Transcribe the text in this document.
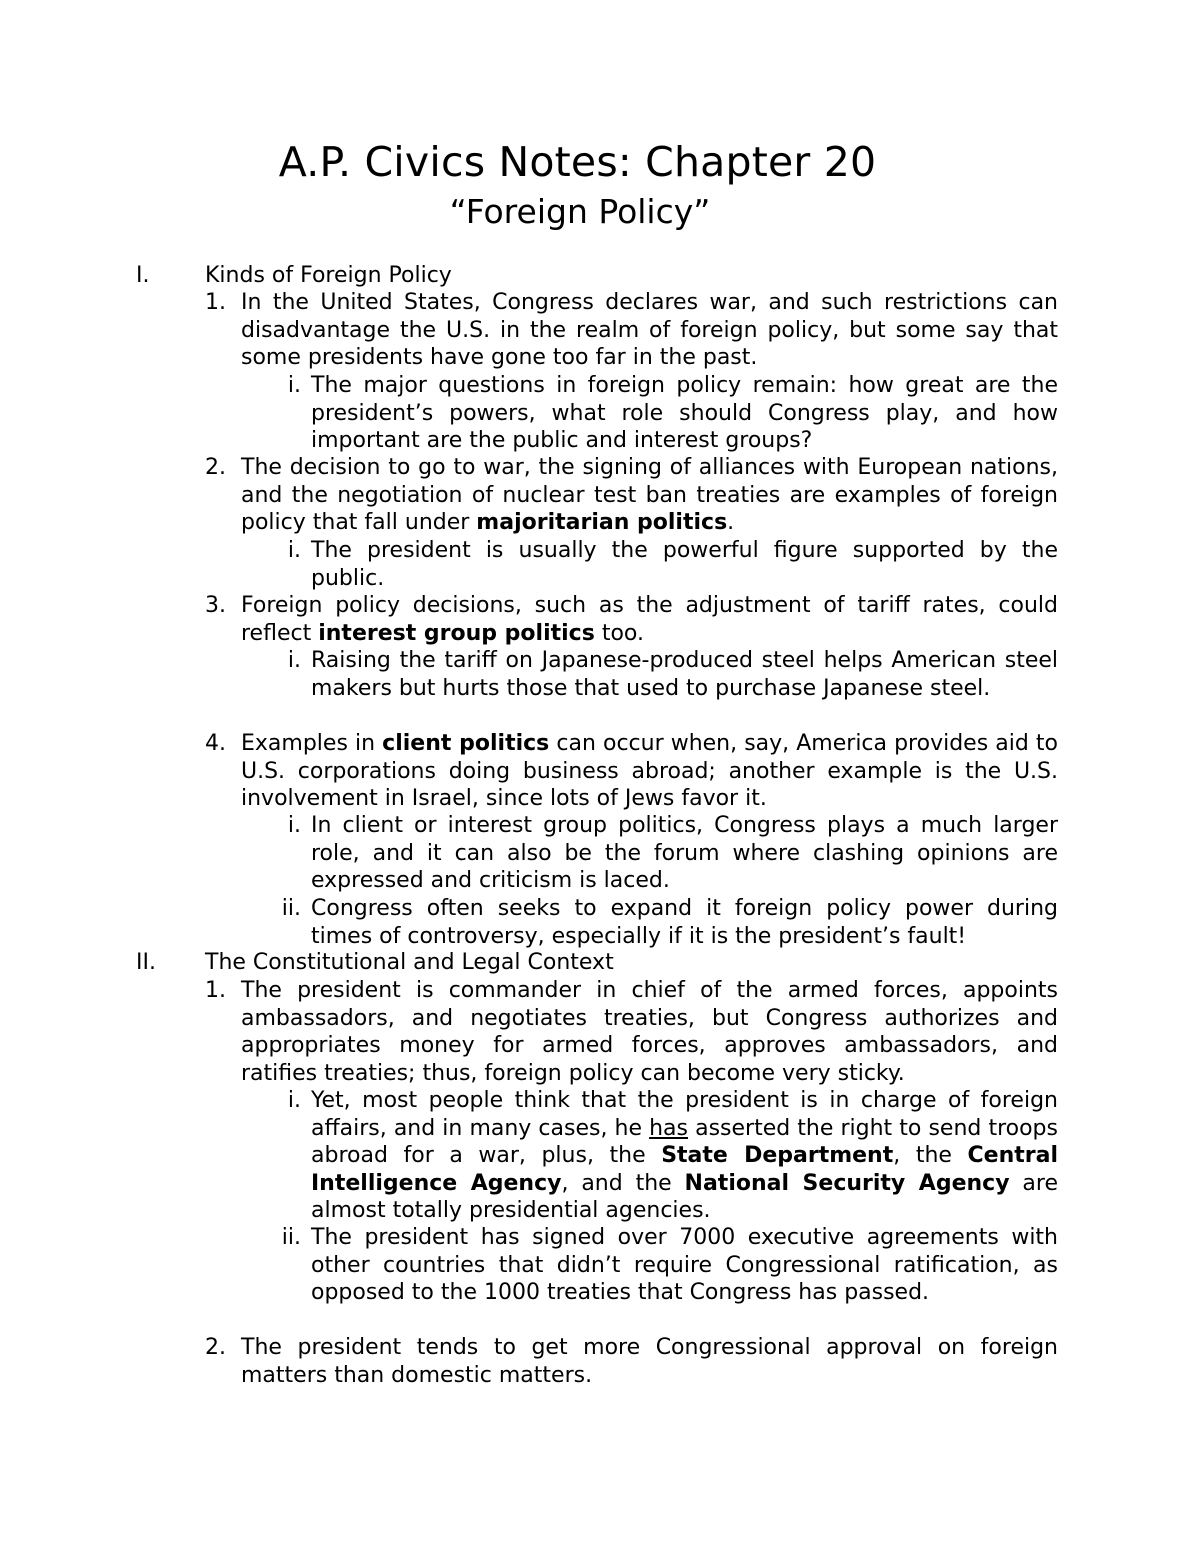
A.P. Civics Notes: Chapter 20
“Foreign Policy”
I.	Kinds of Foreign Policy
1. In the United States, Congress declares war, and such restrictions can disadvantage the U.S. in the realm of foreign policy, but some say that some presidents have gone too far in the past.
i. The major questions in foreign policy remain: how great are the president’s powers, what role should Congress play, and how important are the public and interest groups?
2. The decision to go to war, the signing of alliances with European nations, and the negotiation of nuclear test ban treaties are examples of foreign policy that fall under majoritarian politics.
i. The president is usually the powerful figure supported by the public.
3. Foreign policy decisions, such as the adjustment of tariff rates, could reflect interest group politics too.
i. Raising the tariff on Japanese-produced steel helps American steel makers but hurts those that used to purchase Japanese steel.
4. Examples in client politics can occur when, say, America provides aid to U.S. corporations doing business abroad; another example is the U.S. involvement in Israel, since lots of Jews favor it.
i. In client or interest group politics, Congress plays a much larger role, and it can also be the forum where clashing opinions are expressed and criticism is laced.
ii. Congress often seeks to expand it foreign policy power during times of controversy, especially if it is the president’s fault!
II. The Constitutional and Legal Context
1. The president is commander in chief of the armed forces, appoints ambassadors, and negotiates treaties, but Congress authorizes and appropriates money for armed forces, approves ambassadors, and ratifies treaties; thus, foreign policy can become very sticky.
i. Yet, most people think that the president is in charge of foreign affairs, and in many cases, he has asserted the right to send troops abroad for a war, plus, the State Department, the Central Intelligence Agency, and the National Security Agency are almost totally presidential agencies.
ii. The president has signed over 7000 executive agreements with other countries that didn’t require Congressional ratification, as opposed to the 1000 treaties that Congress has passed.
2. The president tends to get more Congressional approval on foreign matters than domestic matters.
